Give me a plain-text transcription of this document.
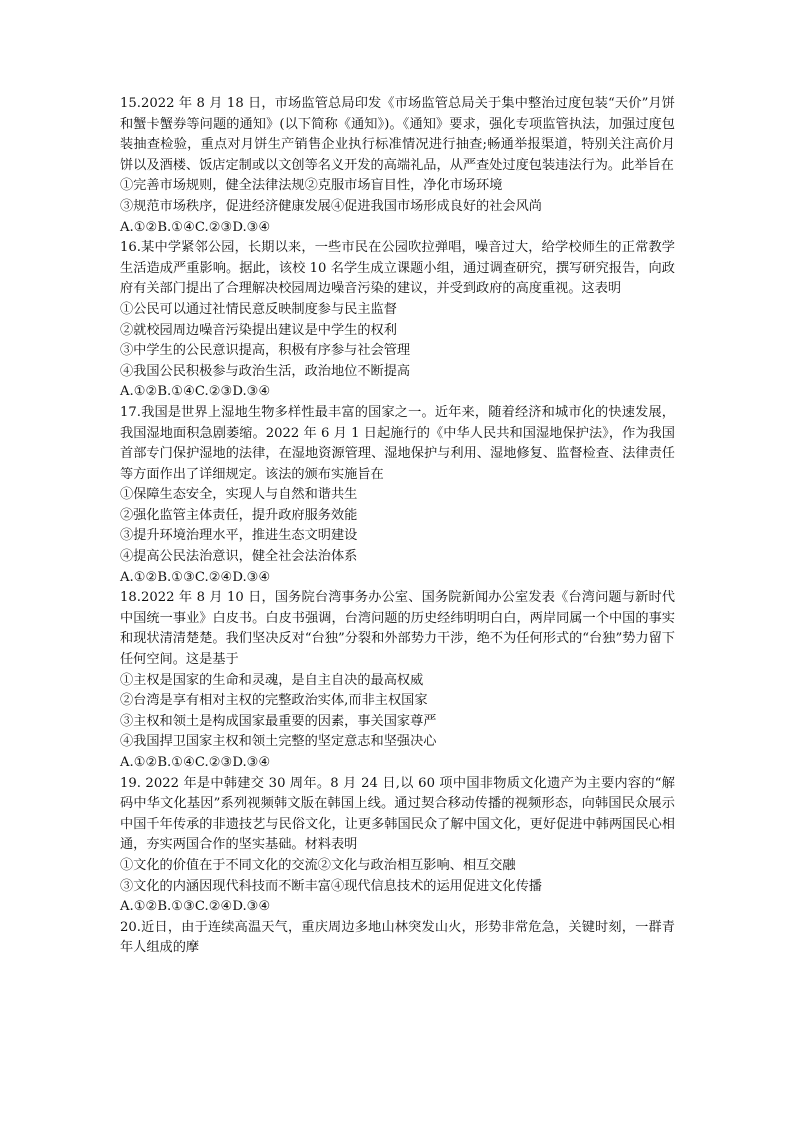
15.2022 年 8 月 18 日，市场监管总局印发《市场监管总局关于集中整治过度包装“天价”月饼和蟹卡蟹券等问题的通知》(以下简称《通知》)。《通知》要求，强化专项监管执法，加强过度包装抽查检验，重点对月饼生产销售企业执行标准情况进行抽查;畅通举报渠道，特别关注高价月饼以及酒楼、饭店定制或以文创等名义开发的高端礼品，从严查处过度包装违法行为。此举旨在

①完善市场规则，健全法律法规②克服市场盲目性，净化市场环境

③规范市场秩序，促进经济健康发展④促进我国市场形成良好的社会风尚

A.①②B.①④C.②③D.③④

16.某中学紧邻公园，长期以来，一些市民在公园吹拉弹唱，噪音过大，给学校师生的正常教学生活造成严重影响。据此，该校 10 名学生成立课题小组，通过调查研究，撰写研究报告，向政府有关部门提出了合理解决校园周边噪音污染的建议，并受到政府的高度重视。这表明

①公民可以通过社情民意反映制度参与民主监督

②就校园周边噪音污染提出建议是中学生的权利

③中学生的公民意识提高，积极有序参与社会管理

④我国公民积极参与政治生活，政治地位不断提高

A.①②B.①④C.②③D.③④

17.我国是世界上湿地生物多样性最丰富的国家之一。近年来，随着经济和城市化的快速发展，我国湿地面积急剧萎缩。2022 年 6 月 1 日起施行的《中华人民共和国湿地保护法》，作为我国首部专门保护湿地的法律，在湿地资源管理、湿地保护与利用、湿地修复、监督检查、法律责任等方面作出了详细规定。该法的颁布实施旨在

①保障生态安全，实现人与自然和谐共生

②强化监管主体责任，提升政府服务效能

③提升环境治理水平，推进生态文明建设

④提高公民法治意识，健全社会法治体系

A.①②B.①③C.②④D.③④

18.2022 年 8 月 10 日，国务院台湾事务办公室、国务院新闻办公室发表《台湾问题与新时代中国统一事业》白皮书。白皮书强调，台湾问题的历史经纬明明白白，两岸同属一个中国的事实和现状清清楚楚。我们坚决反对“台独”分裂和外部势力干涉，绝不为任何形式的“台独”势力留下任何空间。这是基于

①主权是国家的生命和灵魂，是自主自决的最高权威

②台湾是享有相对主权的完整政治实体,而非主权国家

③主权和领土是构成国家最重要的因素，事关国家尊严

④我国捍卫国家主权和领土完整的坚定意志和坚强决心

A.①②B.①④C.②③D.③④

19. 2022 年是中韩建交 30 周年。8 月 24 日,以 60 项中国非物质文化遗产为主要内容的“解码中华文化基因”系列视频韩文版在韩国上线。通过契合移动传播的视频形态，向韩国民众展示中国千年传承的非遗技艺与民俗文化，让更多韩国民众了解中国文化，更好促进中韩两国民心相通，夯实两国合作的坚实基础。材料表明

①文化的价值在于不同文化的交流②文化与政治相互影响、相互交融

③文化的内涵因现代科技而不断丰富④现代信息技术的运用促进文化传播

A.①②B.①③C.②④D.③④

20.近日，由于连续高温天气，重庆周边多地山林突发山火，形势非常危急，关键时刻，一群青年人组成的摩
